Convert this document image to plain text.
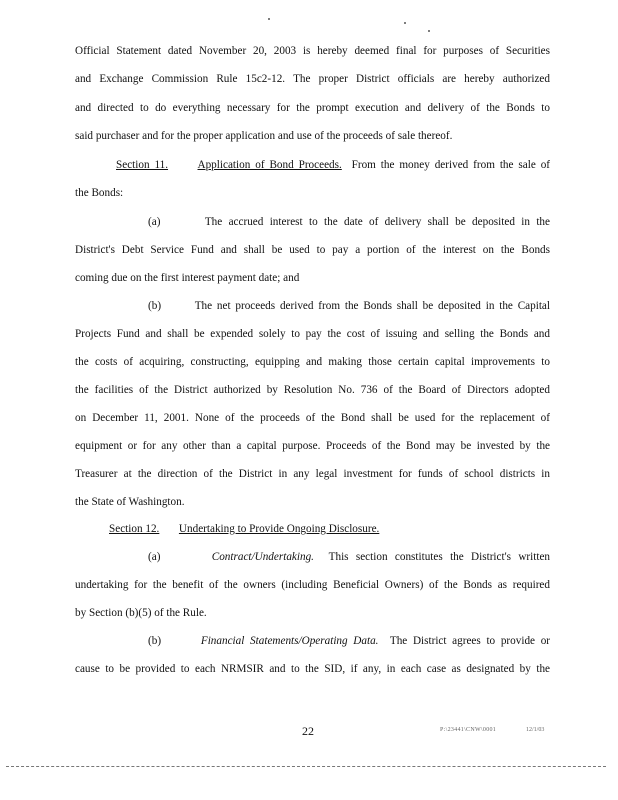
Official Statement dated November 20, 2003 is hereby deemed final for purposes of Securities
and Exchange Commission Rule 15c2-12. The proper District officials are hereby authorized
and directed to do everything necessary for the prompt execution and delivery of the Bonds to
said purchaser and for the proper application and use of the proceeds of sale thereof.
Section 11.	Application of Bond Proceeds. From the money derived from the sale of
the Bonds:
(a)	The accrued interest to the date of delivery shall be deposited in the
District's Debt Service Fund and shall be used to pay a portion of the interest on the Bonds
coming due on the first interest payment date; and
(b)	The net proceeds derived from the Bonds shall be deposited in the Capital
Projects Fund and shall be expended solely to pay the cost of issuing and selling the Bonds and
the costs of acquiring, constructing, equipping and making those certain capital improvements to
the facilities of the District authorized by Resolution No. 736 of the Board of Directors adopted
on December 11, 2001. None of the proceeds of the Bond shall be used for the replacement of
equipment or for any other than a capital purpose. Proceeds of the Bond may be invested by the
Treasurer at the direction of the District in any legal investment for funds of school districts in
the State of Washington.
Section 12. Undertaking to Provide Ongoing Disclosure.
(a)	Contract/Undertaking. This section constitutes the District's written
undertaking for the benefit of the owners (including Beneficial Owners) of the Bonds as required
by Section (b)(5) of the Rule.
(b)	Financial Statements/Operating Data. The District agrees to provide or
cause to be provided to each NRMSIR and to the SID, if any, in each case as designated by the
22	P:\23441\CNW\0001	12/1/03
